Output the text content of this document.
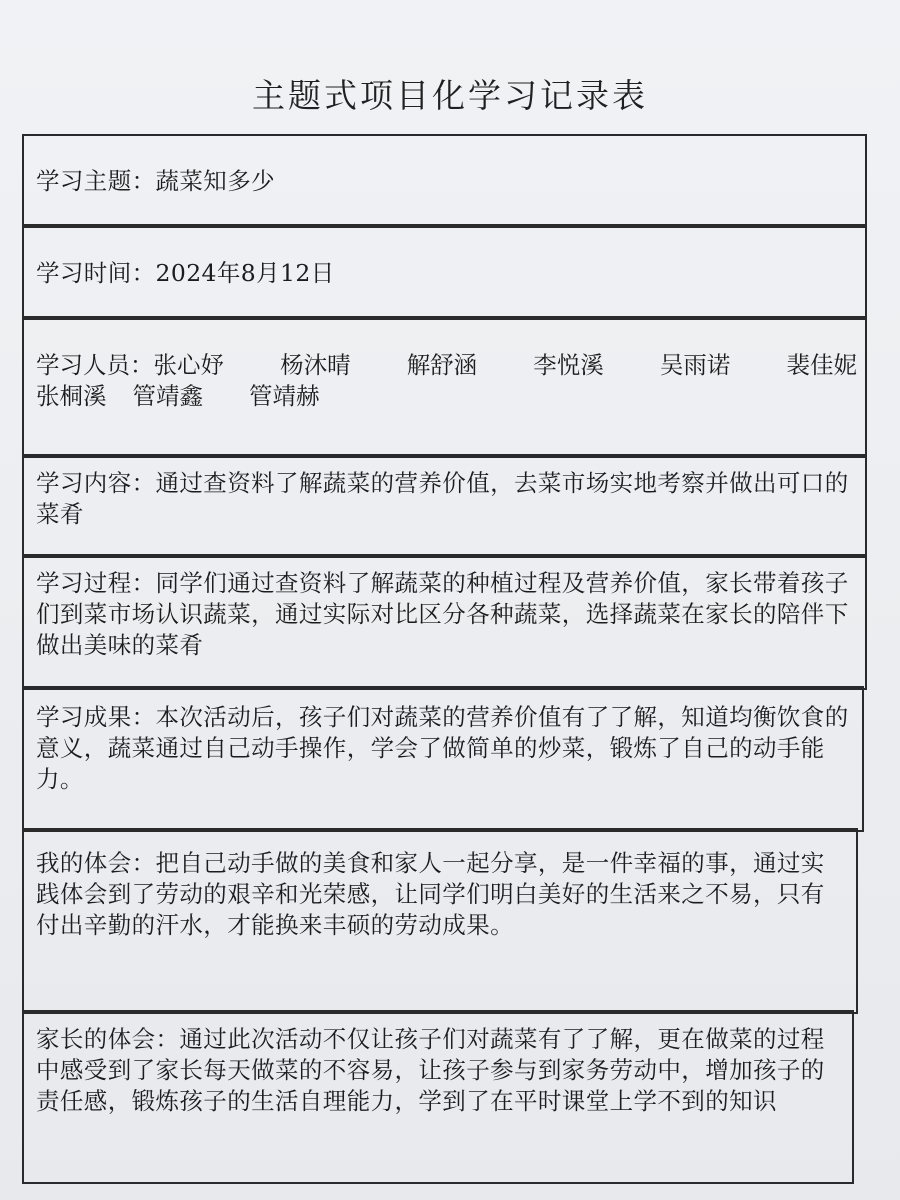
主题式项目化学习记录表
学习主题：蔬菜知多少
学习时间：2024年8月12日
学习人员：张心妤 杨沐晴 解舒涵 李悦溪 吴雨诺 裴佳妮
张桐溪 管靖鑫 管靖赫
学习内容：通过查资料了解蔬菜的营养价值，去菜市场实地考察并做出可口的菜肴
学习过程：同学们通过查资料了解蔬菜的种植过程及营养价值，家长带着孩子们到菜市场认识蔬菜，通过实际对比区分各种蔬菜，选择蔬菜在家长的陪伴下做出美味的菜肴
学习成果：本次活动后，孩子们对蔬菜的营养价值有了了解，知道均衡饮食的意义，蔬菜通过自己动手操作，学会了做简单的炒菜，锻炼了自己的动手能力。
我的体会：把自己动手做的美食和家人一起分享，是一件幸福的事，通过实践体会到了劳动的艰辛和光荣感，让同学们明白美好的生活来之不易，只有付出辛勤的汗水，才能换来丰硕的劳动成果。
家长的体会：通过此次活动不仅让孩子们对蔬菜有了了解，更在做菜的过程中感受到了家长每天做菜的不容易，让孩子参与到家务劳动中，增加孩子的责任感，锻炼孩子的生活自理能力，学到了在平时课堂上学不到的知识
